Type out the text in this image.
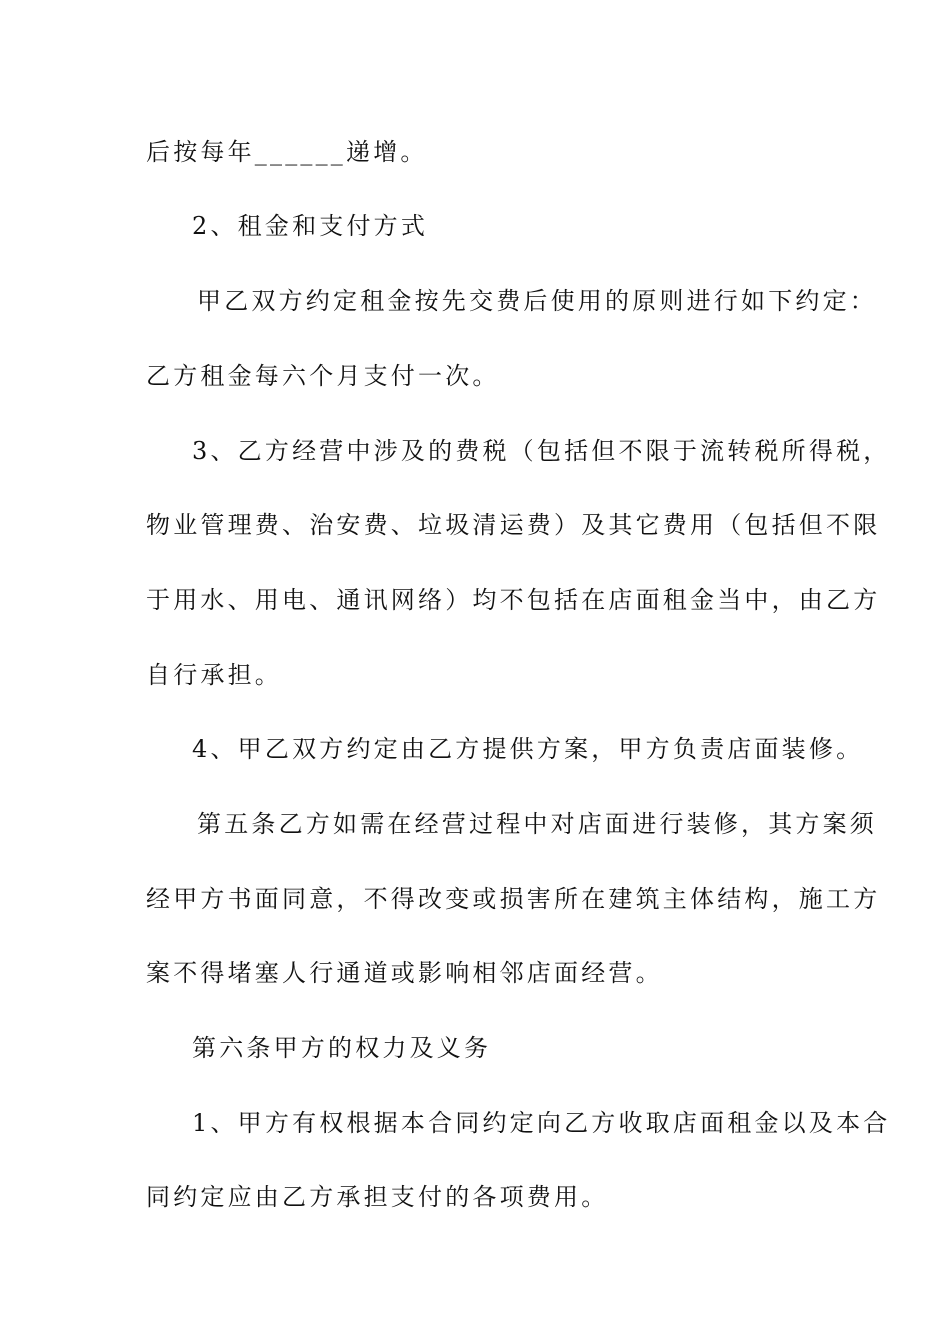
后按每年______递增。
2、租金和支付方式
甲乙双方约定租金按先交费后使用的原则进行如下约定：
乙方租金每六个月支付一次。
3、乙方经营中涉及的费税（包括但不限于流转税所得税，
物业管理费、治安费、垃圾清运费）及其它费用（包括但不限
于用水、用电、通讯网络）均不包括在店面租金当中，由乙方
自行承担。
4、甲乙双方约定由乙方提供方案，甲方负责店面装修。
第五条乙方如需在经营过程中对店面进行装修，其方案须
经甲方书面同意，不得改变或损害所在建筑主体结构，施工方
案不得堵塞人行通道或影响相邻店面经营。
第六条甲方的权力及义务
1、甲方有权根据本合同约定向乙方收取店面租金以及本合
同约定应由乙方承担支付的各项费用。
